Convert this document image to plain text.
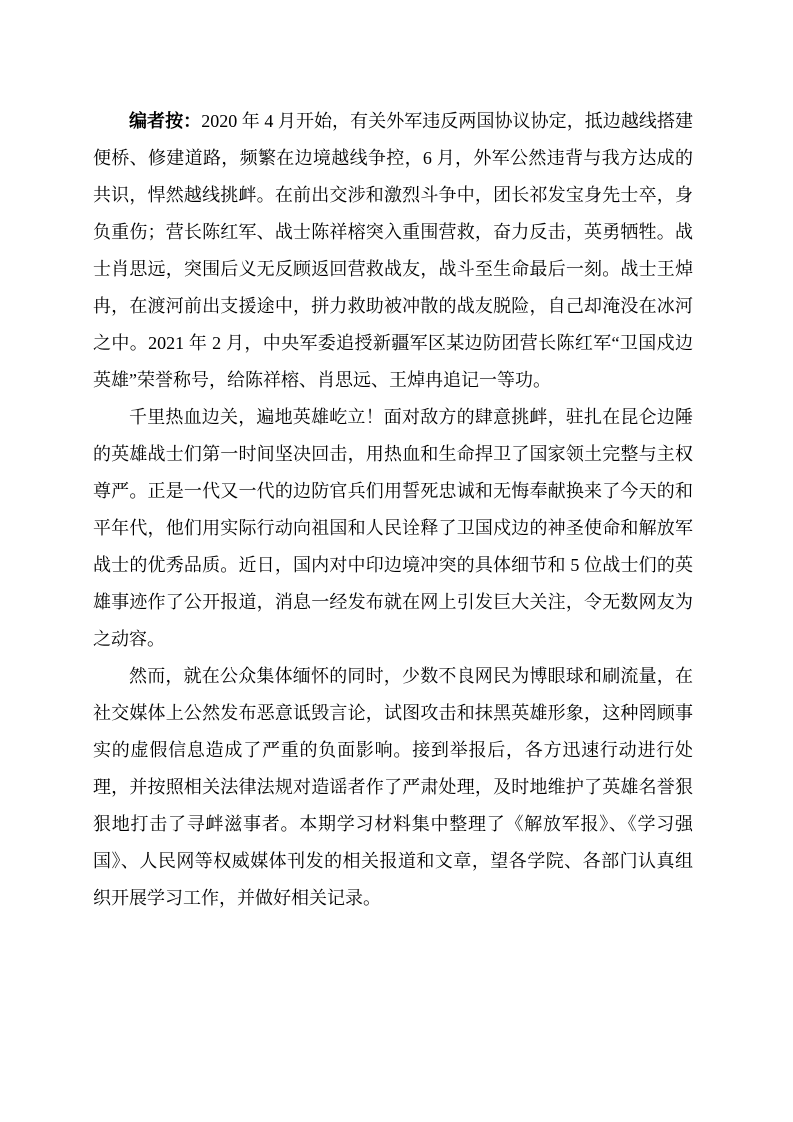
编者按：2020 年 4 月开始，有关外军违反两国协议协定，抵边越线搭建便桥、修建道路，频繁在边境越线争控，6 月，外军公然违背与我方达成的共识，悍然越线挑衅。在前出交涉和激烈斗争中，团长祁发宝身先士卒，身负重伤；营长陈红军、战士陈祥榕突入重围营救，奋力反击，英勇牺牲。战士肖思远，突围后义无反顾返回营救战友，战斗至生命最后一刻。战士王焯冉，在渡河前出支援途中，拼力救助被冲散的战友脱险，自己却淹没在冰河之中。2021 年 2 月，中央军委追授新疆军区某边防团营长陈红军“卫国戍边英雄”荣誉称号，给陈祥榕、肖思远、王焯冉追记一等功。

千里热血边关，遍地英雄屹立！面对敌方的肆意挑衅，驻扎在昆仑边陲的英雄战士们第一时间坚决回击，用热血和生命捍卫了国家领土完整与主权尊严。正是一代又一代的边防官兵们用誓死忠诚和无悔奉献换来了今天的和平年代，他们用实际行动向祖国和人民诠释了卫国戍边的神圣使命和解放军战士的优秀品质。近日，国内对中印边境冲突的具体细节和 5 位战士们的英雄事迹作了公开报道，消息一经发布就在网上引发巨大关注，令无数网友为之动容。

然而，就在公众集体缅怀的同时，少数不良网民为博眼球和刷流量，在社交媒体上公然发布恶意诋毁言论，试图攻击和抹黑英雄形象，这种罔顾事实的虚假信息造成了严重的负面影响。接到举报后，各方迅速行动进行处理，并按照相关法律法规对造谣者作了严肃处理，及时地维护了英雄名誉狠狠地打击了寻衅滋事者。本期学习材料集中整理了《解放军报》、《学习强国》、人民网等权威媒体刊发的相关报道和文章，望各学院、各部门认真组织开展学习工作，并做好相关记录。
